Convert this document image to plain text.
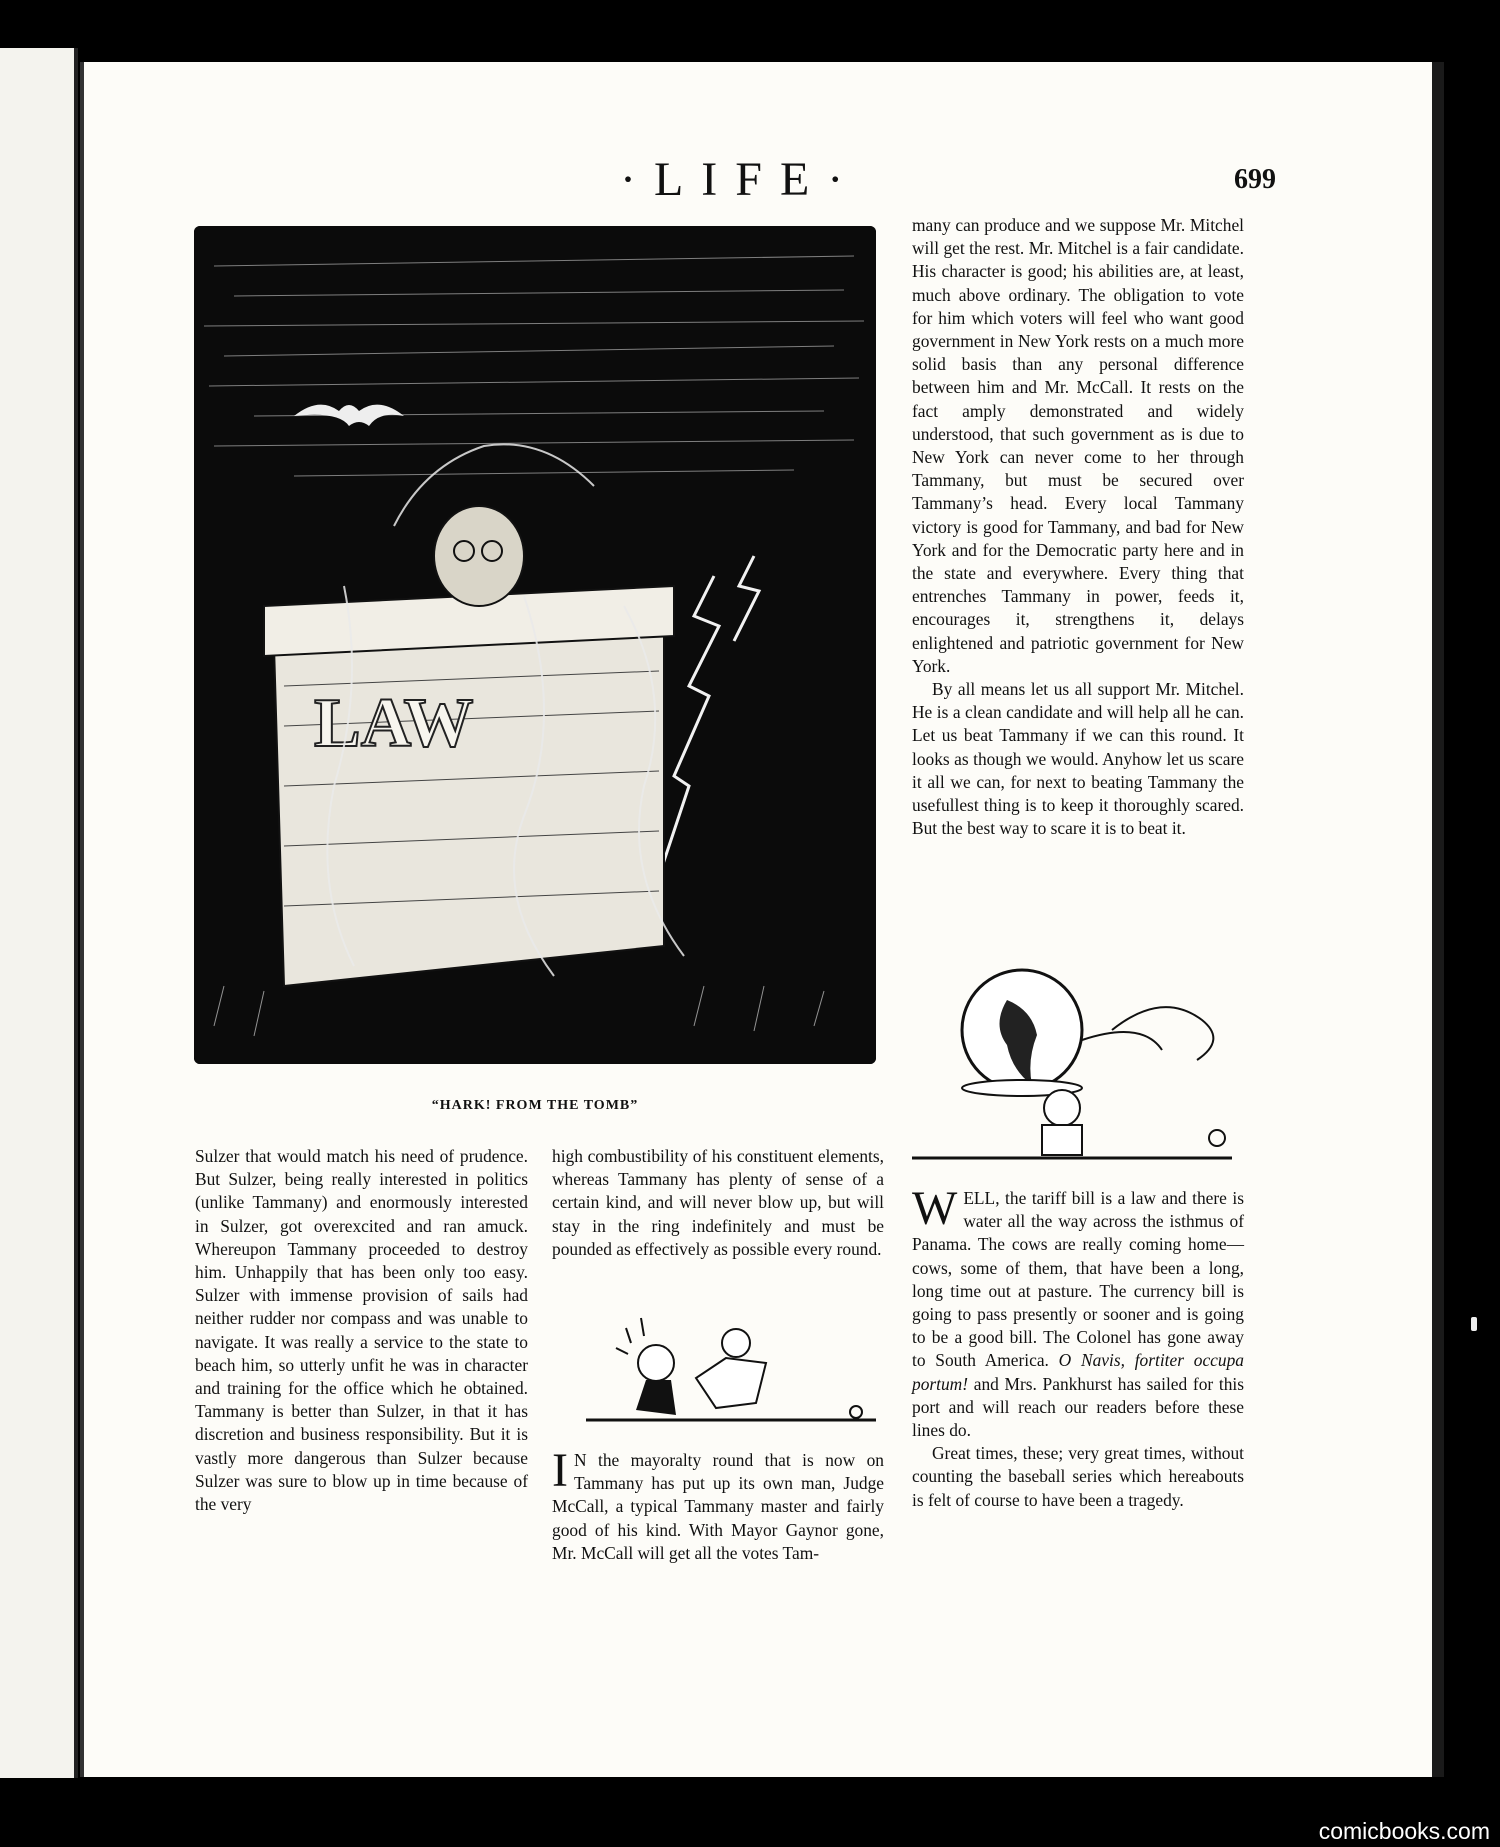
·LIFE·	699
LAW
“HARK! FROM THE TOMB”

Sulzer that would match his need of prudence. But Sulzer, being really interested in politics (unlike Tammany) and enormously interested in Sulzer, got overexcited and ran amuck. Whereupon Tammany proceeded to destroy him. Unhappily that has been only too easy. Sulzer with immense provision of sails had neither rudder nor compass and was unable to navigate. It was really a service to the state to beach him, so utterly unfit he was in character and training for the office which he obtained. Tammany is better than Sulzer, in that it has discretion and business responsibility. But it is vastly more dangerous than Sulzer because Sulzer was sure to blow up in time because of the very

high combustibility of his constituent elements, whereas Tammany has plenty of sense of a certain kind, and will never blow up, but will stay in the ring indefinitely and must be pounded as effectively as possible every round.

I N the mayoralty round that is now on Tammany has put up its own man, Judge McCall, a typical Tammany master and fairly good of his kind. With Mayor Gaynor gone, Mr. McCall will get all the votes Tam-

many can produce and we suppose Mr. Mitchel will get the rest. Mr. Mitchel is a fair candidate. His character is good; his abilities are, at least, much above ordinary. The obligation to vote for him which voters will feel who want good government in New York rests on a much more solid basis than any personal difference between him and Mr. McCall. It rests on the fact amply demonstrated and widely understood, that such government as is due to New York can never come to her through Tammany, but must be secured over Tammany’s head. Every local Tammany victory is good for Tammany, and bad for New York and for the Democratic party here and in the state and everywhere. Every thing that entrenches Tammany in power, feeds it, encourages it, strengthens it, delays enlightened and patriotic government for New York.

By all means let us all support Mr. Mitchel. He is a clean candidate and will help all he can. Let us beat Tammany if we can this round. It looks as though we would. Anyhow let us scare it all we can, for next to beating Tammany the usefullest thing is to keep it thoroughly scared. But the best way to scare it is to beat it.

WELL, the tariff bill is a law and there is water all the way across the isthmus of Panama. The cows are really coming home—cows, some of them, that have been a long, long time out at pasture. The currency bill is going to pass presently or sooner and is going to be a good bill. The Colonel has gone away to South America. O Navis, fortiter occupa portum! and Mrs. Pankhurst has sailed for this port and will reach our readers before these lines do.

Great times, these; very great times, without counting the baseball series which hereabouts is felt of course to have been a tragedy.

comicbooks.com
